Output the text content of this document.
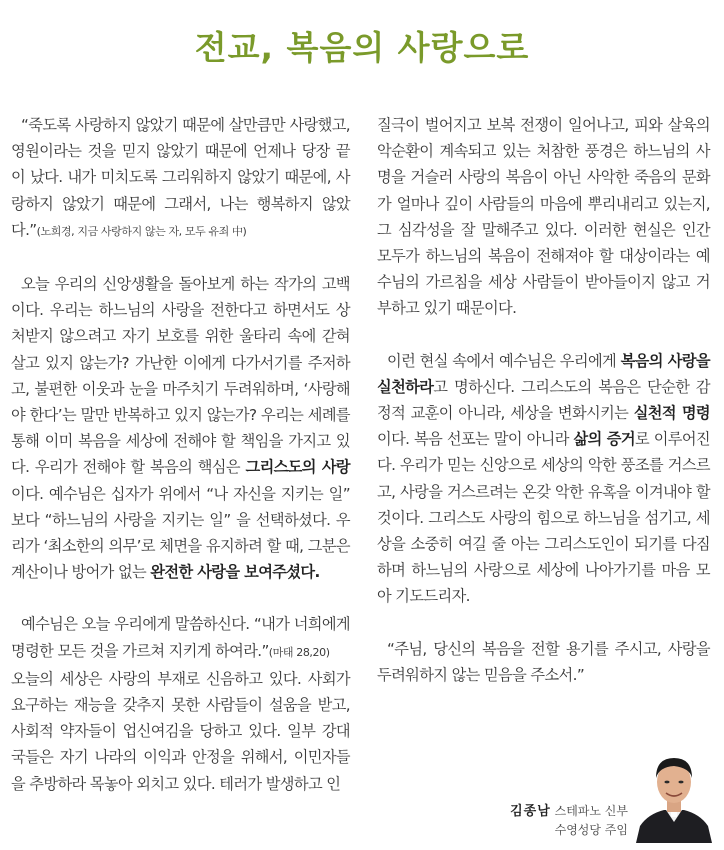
전교, 복음의 사랑으로

“죽도록 사랑하지 않았기 때문에 살만큼만 사랑했고, 영원이라는 것을 믿지 않았기 때문에 언제나 당장 끝이 났다. 내가 미치도록 그리워하지 않았기 때문에, 사랑하지 않았기 때문에 그래서, 나는 행복하지 않았다.”(노희경, 지금 사랑하지 않는 자, 모두 유죄 中)

오늘 우리의 신앙생활을 돌아보게 하는 작가의 고백이다. 우리는 하느님의 사랑을 전한다고 하면서도 상처받지 않으려고 자기 보호를 위한 울타리 속에 갇혀 살고 있지 않는가? 가난한 이에게 다가서기를 주저하고, 불편한 이웃과 눈을 마주치기 두려워하며, ‘사랑해야 한다’는 말만 반복하고 있지 않는가? 우리는 세례를 통해 이미 복음을 세상에 전해야 할 책임을 가지고 있다. 우리가 전해야 할 복음의 핵심은 그리스도의 사랑이다. 예수님은 십자가 위에서 “나 자신을 지키는 일” 보다 “하느님의 사랑을 지키는 일” 을 선택하셨다. 우리가 ‘최소한의 의무’로 체면을 유지하려 할 때, 그분은 계산이나 방어가 없는 완전한 사랑을 보여주셨다.

예수님은 오늘 우리에게 말씀하신다. “내가 너희에게 명령한 모든 것을 가르쳐 지키게 하여라.”(마태 28,20)
오늘의 세상은 사랑의 부재로 신음하고 있다. 사회가 요구하는 재능을 갖추지 못한 사람들이 설움을 받고, 사회적 약자들이 업신여김을 당하고 있다. 일부 강대국들은 자기 나라의 이익과 안정을 위해서, 이민자들을 추방하라 목놓아 외치고 있다. 테러가 발생하고 인

질극이 벌어지고 보복 전쟁이 일어나고, 피와 살육의 악순환이 계속되고 있는 처참한 풍경은 하느님의 사명을 거슬러 사랑의 복음이 아닌 사악한 죽음의 문화가 얼마나 깊이 사람들의 마음에 뿌리내리고 있는지, 그 심각성을 잘 말해주고 있다. 이러한 현실은 인간 모두가 하느님의 복음이 전해져야 할 대상이라는 예수님의 가르침을 세상 사람들이 받아들이지 않고 거부하고 있기 때문이다.

이런 현실 속에서 예수님은 우리에게 복음의 사랑을 실천하라고 명하신다. 그리스도의 복음은 단순한 감정적 교훈이 아니라, 세상을 변화시키는 실천적 명령이다. 복음 선포는 말이 아니라 삶의 증거로 이루어진다. 우리가 믿는 신앙으로 세상의 악한 풍조를 거스르고, 사랑을 거스르려는 온갖 악한 유혹을 이겨내야 할 것이다. 그리스도 사랑의 힘으로 하느님을 섬기고, 세상을 소중히 여길 줄 아는 그리스도인이 되기를 다짐하며 하느님의 사랑으로 세상에 나아가기를 마음 모아 기도드리자.

“주님, 당신의 복음을 전할 용기를 주시고, 사랑을 두려워하지 않는 믿음을 주소서.”

김종남 스테파노 신부
수영성당 주임
